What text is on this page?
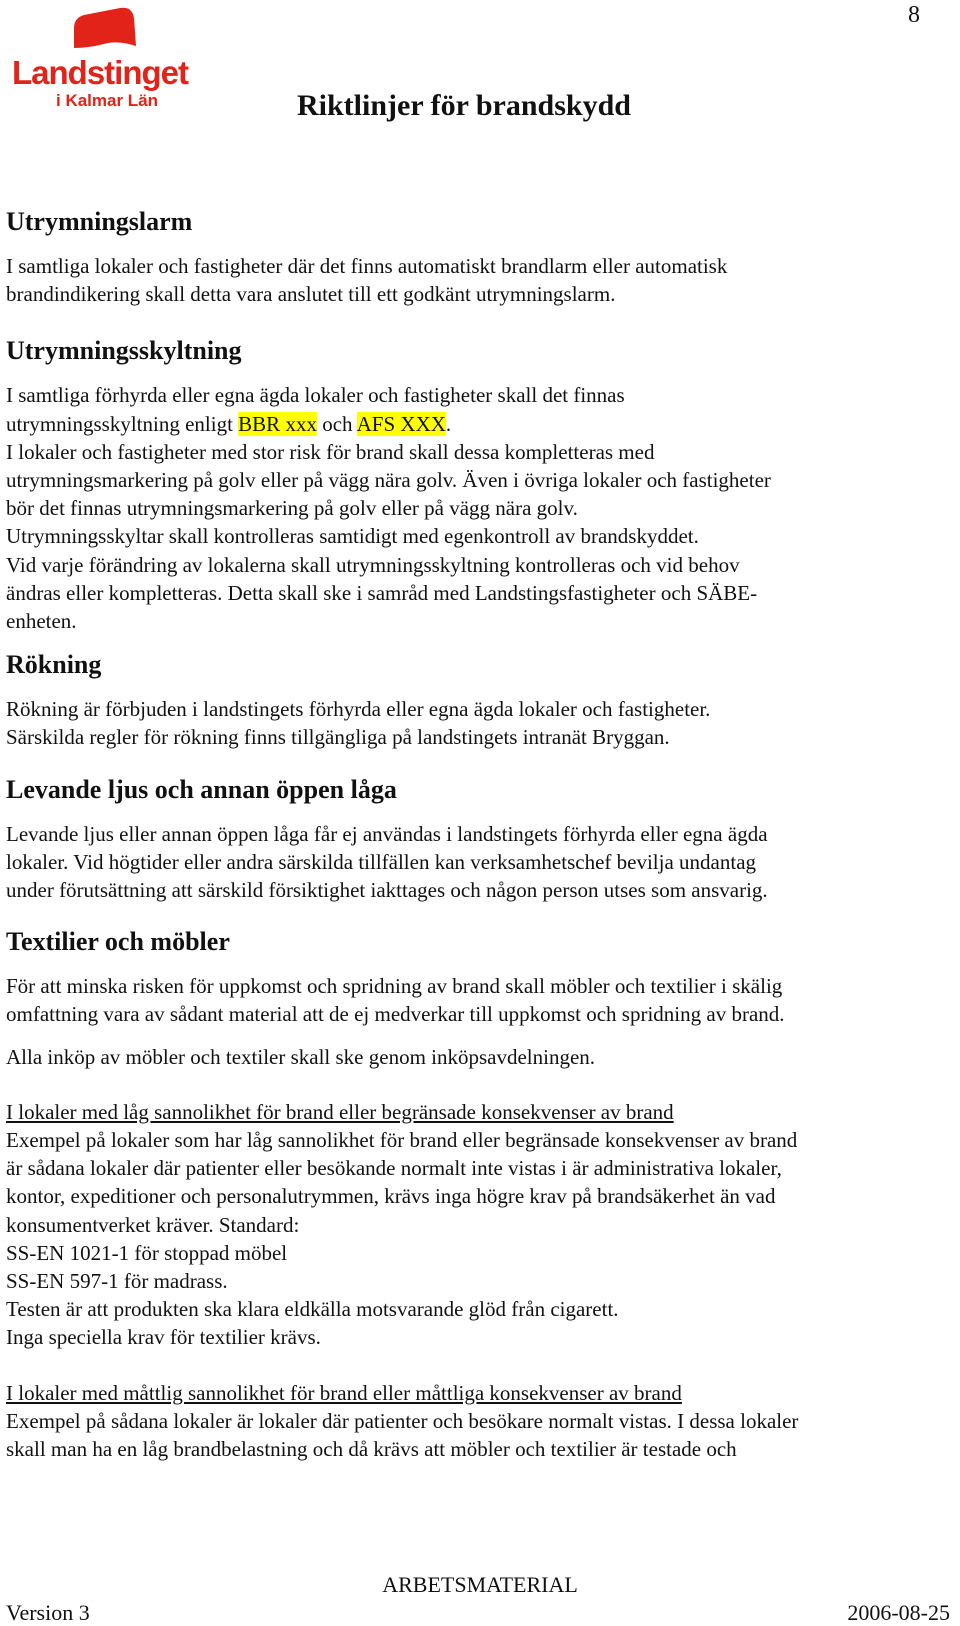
8
Landstinget
i Kalmar Län	Riktlinjer för brandskydd
Utrymningslarm

I samtliga lokaler och fastigheter där det finns automatiskt brandlarm eller automatisk

brandindikering skall detta vara anslutet till ett godkänt utrymningslarm.

Utrymningsskyltning

I samtliga förhyrda eller egna ägda lokaler och fastigheter skall det finnas

utrymningsskyltning enligt BBR xxx och AFS XXX.

I lokaler och fastigheter med stor risk för brand skall dessa kompletteras med

utrymningsmarkering på golv eller på vägg nära golv. Även i övriga lokaler och fastigheter

bör det finnas utrymningsmarkering på golv eller på vägg nära golv.

Utrymningsskyltar skall kontrolleras samtidigt med egenkontroll av brandskyddet.

Vid varje förändring av lokalerna skall utrymningsskyltning kontrolleras och vid behov

ändras eller kompletteras. Detta skall ske i samråd med Landstingsfastigheter och SÄBE-

enheten.

Rökning

Rökning är förbjuden i landstingets förhyrda eller egna ägda lokaler och fastigheter.

Särskilda regler för rökning finns tillgängliga på landstingets intranät Bryggan.

Levande ljus och annan öppen låga

Levande ljus eller annan öppen låga får ej användas i landstingets förhyrda eller egna ägda

lokaler. Vid högtider eller andra särskilda tillfällen kan verksamhetschef bevilja undantag

under förutsättning att särskild försiktighet iakttages och någon person utses som ansvarig.

Textilier och möbler

För att minska risken för uppkomst och spridning av brand skall möbler och textilier i skälig

omfattning vara av sådant material att de ej medverkar till uppkomst och spridning av brand.

Alla inköp av möbler och textiler skall ske genom inköpsavdelningen.

I lokaler med låg sannolikhet för brand eller begränsade konsekvenser av brand

Exempel på lokaler som har låg sannolikhet för brand eller begränsade konsekvenser av brand

är sådana lokaler där patienter eller besökande normalt inte vistas i är administrativa lokaler,

kontor, expeditioner och personalutrymmen, krävs inga högre krav på brandsäkerhet än vad

konsumentverket kräver. Standard:

SS-EN 1021-1 för stoppad möbel

SS-EN 597-1 för madrass.

Testen är att produkten ska klara eldkälla motsvarande glöd från cigarett.

Inga speciella krav för textilier krävs.

I lokaler med måttlig sannolikhet för brand eller måttliga konsekvenser av brand

Exempel på sådana lokaler är lokaler där patienter och besökare normalt vistas. I dessa lokaler

skall man ha en låg brandbelastning och då krävs att möbler och textilier är testade och

ARBETSMATERIAL
Version 3	2006-08-25
